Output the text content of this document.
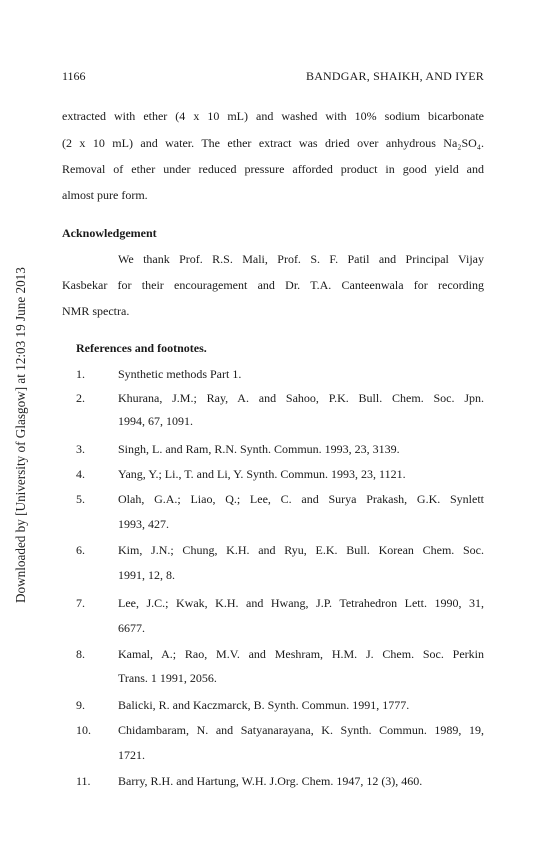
Downloaded by [University of Glasgow] at 12:03 19 June 2013
1166	BANDGAR, SHAIKH, AND IYER
extracted with ether (4 x 10 mL) and washed with 10% sodium bicarbonate
(2 x 10 mL) and water. The ether extract was dried over anhydrous Na₂SO₄.
Removal of ether under reduced pressure afforded product in good yield and
almost pure form.
Acknowledgement
We thank Prof. R.S. Mali, Prof. S. F. Patil and Principal Vijay
Kasbekar for their encouragement and Dr. T.A. Canteenwala for recording
NMR spectra.
References and footnotes.
1.	Synthetic methods Part 1.
2.	Khurana, J.M.; Ray, A. and Sahoo, P.K. Bull. Chem. Soc. Jpn.
1994, 67, 1091.
3.	Singh, L. and Ram, R.N. Synth. Commun. 1993, 23, 3139.
4.	Yang, Y.; Li., T. and Li, Y. Synth. Commun. 1993, 23, 1121.
5.	Olah, G.A.; Liao, Q.; Lee, C. and Surya Prakash, G.K. Synlett
1993, 427.
6.	Kim, J.N.; Chung, K.H. and Ryu, E.K. Bull. Korean Chem. Soc.
1991, 12, 8.
7.	Lee, J.C.; Kwak, K.H. and Hwang, J.P. Tetrahedron Lett. 1990, 31,
6677.
8.	Kamal, A.; Rao, M.V. and Meshram, H.M. J. Chem. Soc. Perkin
Trans. 1 1991, 2056.
9.	Balicki, R. and Kaczmarck, B. Synth. Commun. 1991, 1777.
10. Chidambaram, N. and Satyanarayana, K. Synth. Commun. 1989, 19,
1721.
11. Barry, R.H. and Hartung, W.H. J.Org. Chem. 1947, 12 (3), 460.
